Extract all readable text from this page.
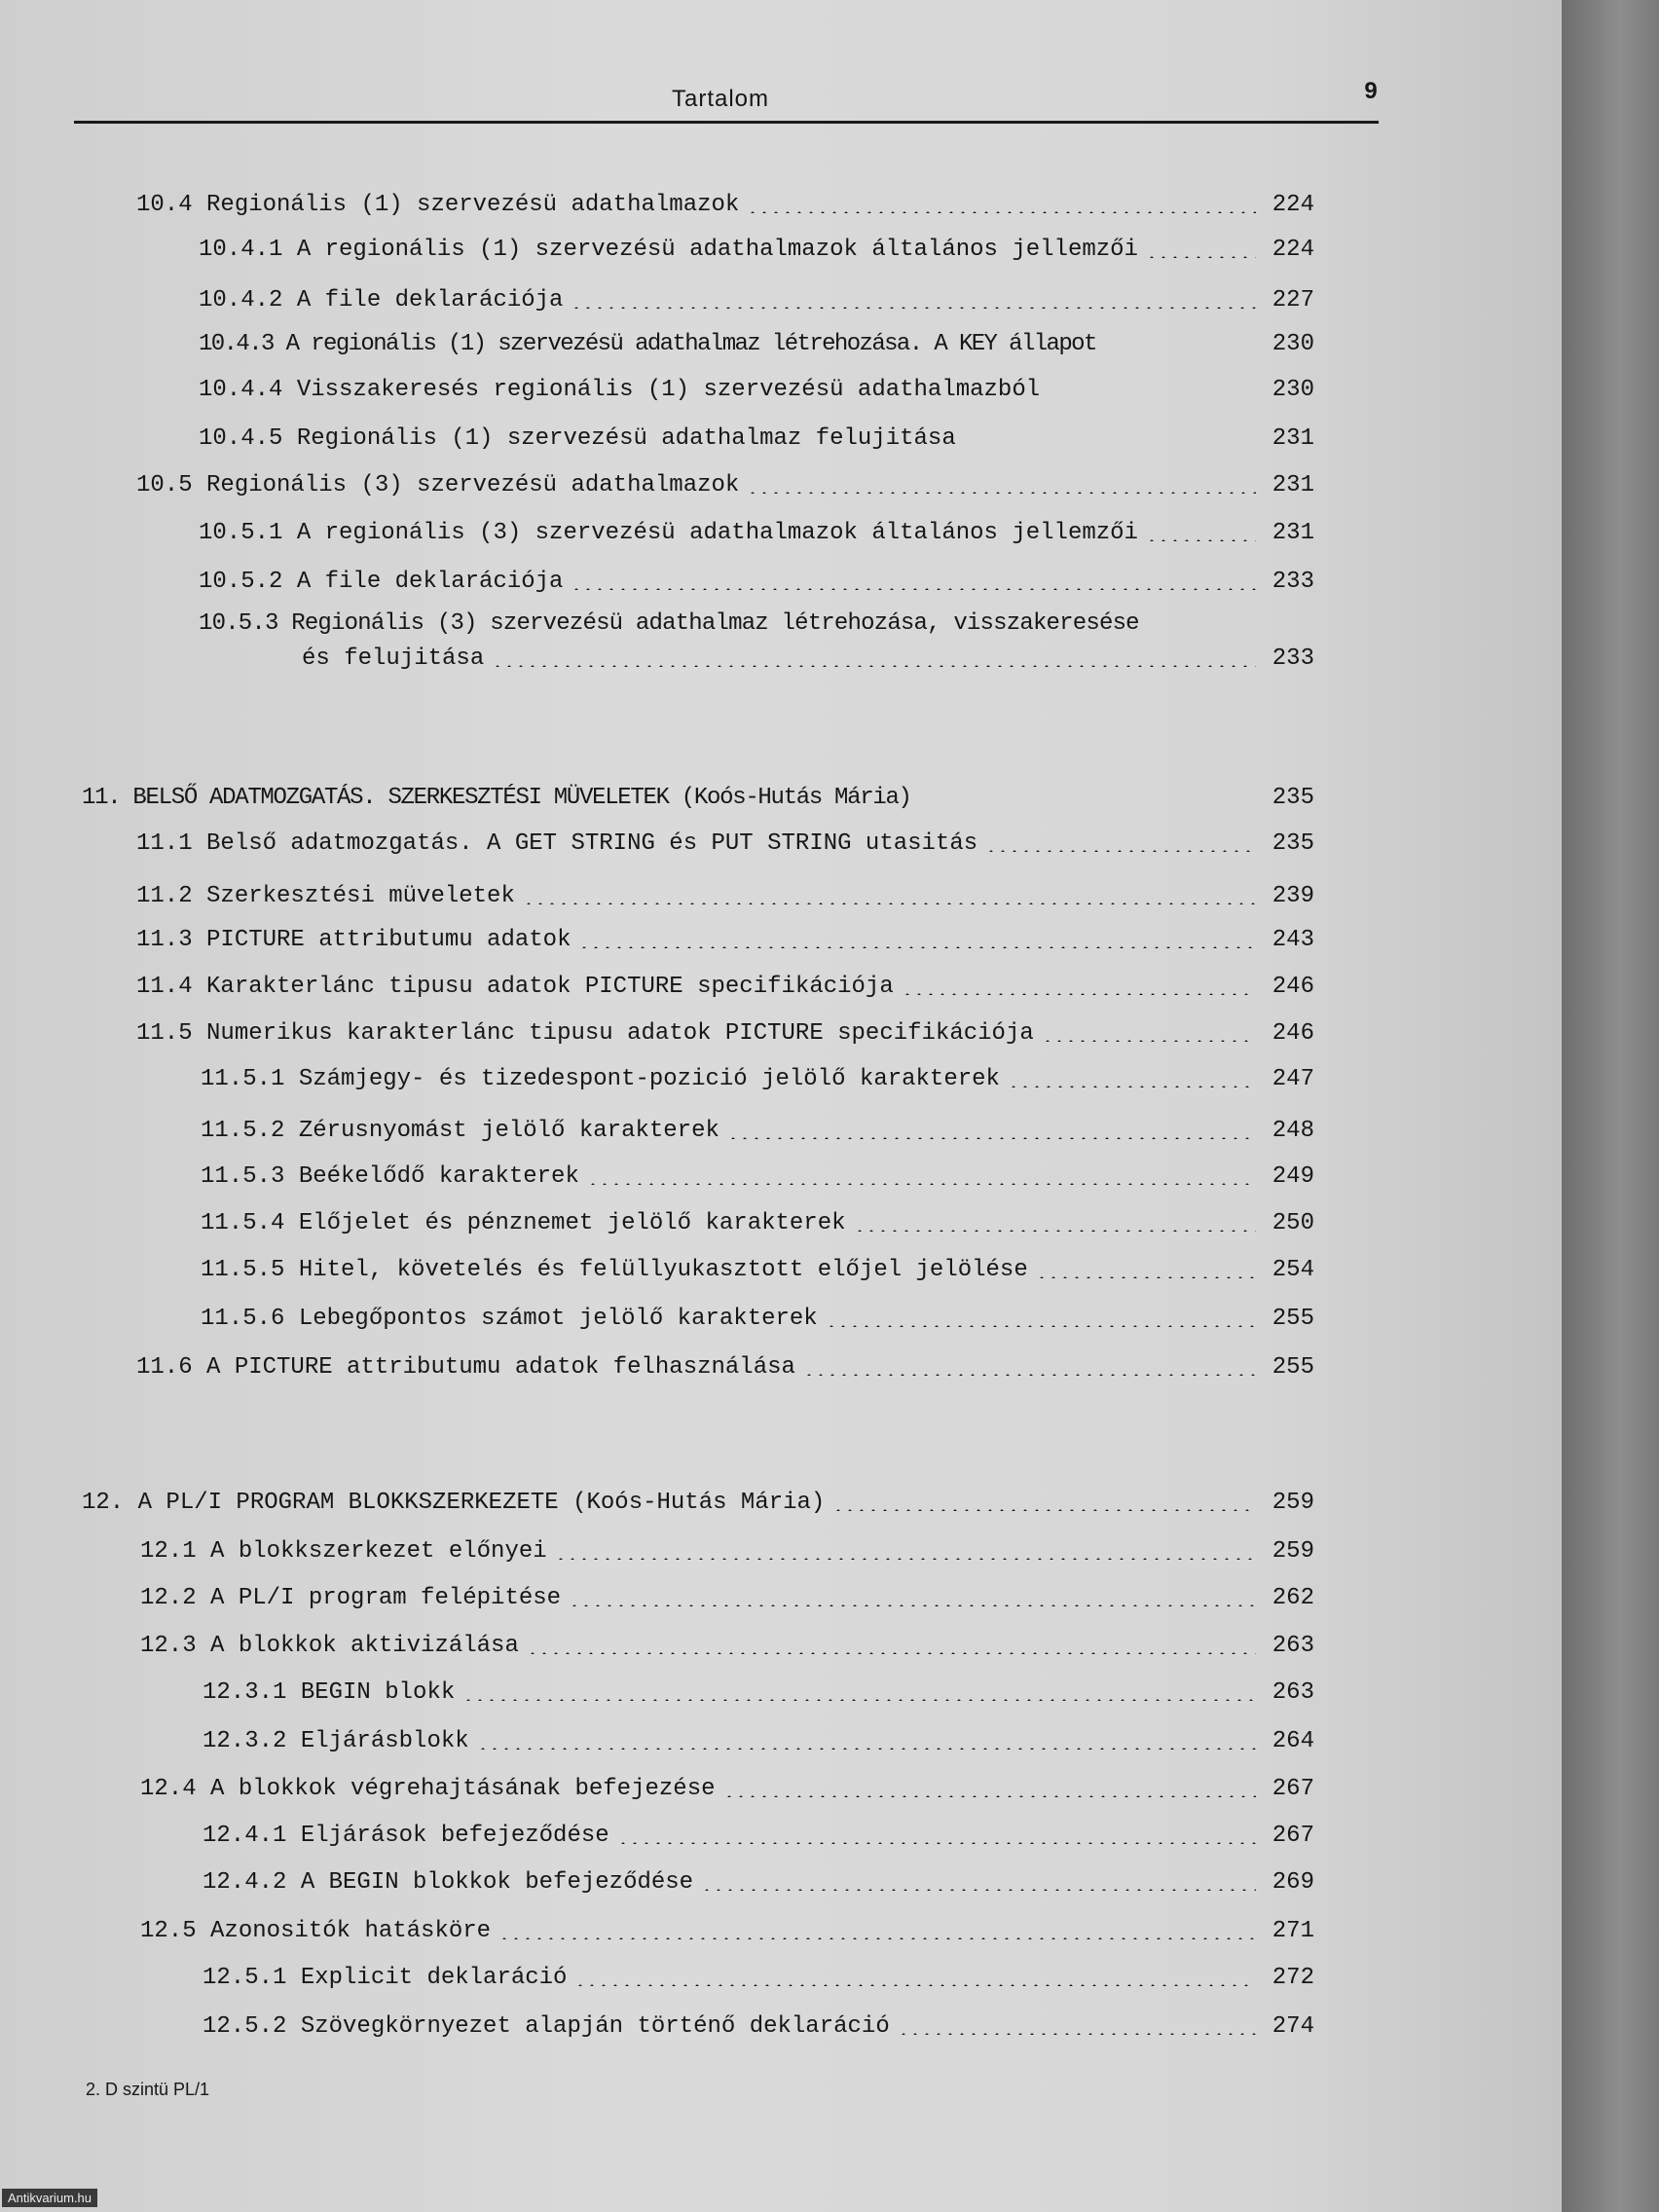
Tartalom	9
10.4 Regionális (1) szervezésü adathalmazok	224
10.4.1 A regionális (1) szervezésü adathalmazok általános jellemzői	224
10.4.2 A file deklarációja	227
10.4.3 A regionális (1) szervezésü adathalmaz létrehozása. A KEY állapot	230
10.4.4 Visszakeresés regionális (1) szervezésü adathalmazból	230
10.4.5 Regionális (1) szervezésü adathalmaz felujitása	231
10.5 Regionális (3) szervezésü adathalmazok	231
10.5.1 A regionális (3) szervezésü adathalmazok általános jellemzői	231
10.5.2 A file deklarációja	233
10.5.3 Regionális (3) szervezésü adathalmaz létrehozása, visszakeresése
és felujitása	233
11. BELSŐ ADATMOZGATÁS. SZERKESZTÉSI MÜVELETEK (Koós-Hutás Mária)	235
11.1 Belső adatmozgatás. A GET STRING és PUT STRING utasitás	235
11.2 Szerkesztési müveletek	239
11.3 PICTURE attributumu adatok	243
11.4 Karakterlánc tipusu adatok PICTURE specifikációja	246
11.5 Numerikus karakterlánc tipusu adatok PICTURE specifikációja	246
11.5.1 Számjegy- és tizedespont-pozició jelölő karakterek	247
11.5.2 Zérusnyomást jelölő karakterek	248
11.5.3 Beékelődő karakterek	249
11.5.4 Előjelet és pénznemet jelölő karakterek	250
11.5.5 Hitel, követelés és felüllyukasztott előjel jelölése	254
11.5.6 Lebegőpontos számot jelölő karakterek	255
11.6 A PICTURE attributumu adatok felhasználása	255
12. A PL/I PROGRAM BLOKKSZERKEZETE (Koós-Hutás Mária)	259
12.1 A blokkszerkezet előnyei	259
12.2 A PL/I program felépitése	262
12.3 A blokkok aktivizálása	263
12.3.1 BEGIN blokk	263
12.3.2 Eljárásblokk	264
12.4 A blokkok végrehajtásának befejezése	267
12.4.1 Eljárások befejeződése	267
12.4.2 A BEGIN blokkok befejeződése	269
12.5 Azonositók hatásköre	271
12.5.1 Explicit deklaráció	272
12.5.2 Szövegkörnyezet alapján történő deklaráció	274
2. D szintü PL/1
Antikvarium.hu
